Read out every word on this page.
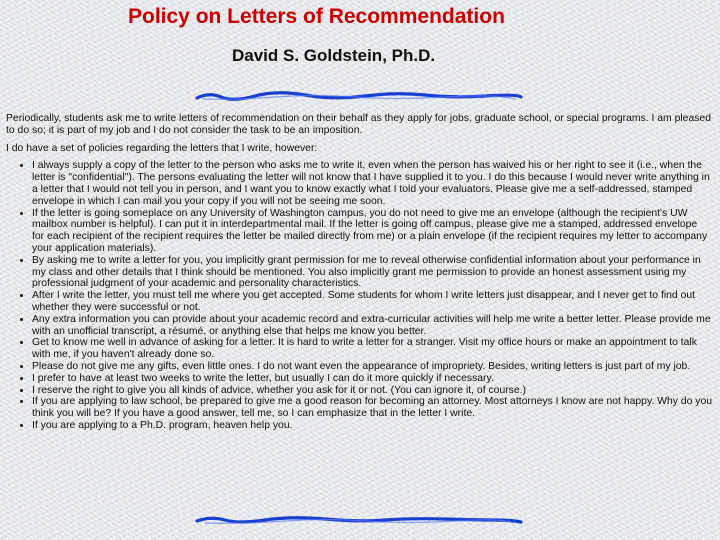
Policy on Letters of Recommendation
David S. Goldstein, Ph.D.

Periodically, students ask me to write letters of recommendation on their behalf as they apply for jobs, graduate school, or special programs. I am pleased to do so; it is part of my job and I do not consider the task to be an imposition.

I do have a set of policies regarding the letters that I write, however:

• I always supply a copy of the letter to the person who asks me to write it, even when the person has waived his or her right to see it (i.e., when the letter is "confidential"). The persons evaluating the letter will not know that I have supplied it to you. I do this because I would never write anything in a letter that I would not tell you in person, and I want you to know exactly what I told your evaluators. Please give me a self-addressed, stamped envelope in which I can mail you your copy if you will not be seeing me soon.
• If the letter is going someplace on any University of Washington campus, you do not need to give me an envelope (although the recipient's UW mailbox number is helpful). I can put it in interdepartmental mail. If the letter is going off campus, please give me a stamped, addressed envelope for each recipient of the recipient requires the letter be mailed directly from me) or a plain envelope (if the recipient requires my letter to accompany your application materials).
• By asking me to write a letter for you, you implicitly grant permission for me to reveal otherwise confidential information about your performance in my class and other details that I think should be mentioned. You also implicitly grant me permission to provide an honest assessment using my professional judgment of your academic and personality characteristics.
• After I write the letter, you must tell me where you get accepted. Some students for whom I write letters just disappear, and I never get to find out whether they were successful or not.
• Any extra information you can provide about your academic record and extra-curricular activities will help me write a better letter. Please provide me with an unofficial transcript, a résumé, or anything else that helps me know you better.
• Get to know me well in advance of asking for a letter. It is hard to write a letter for a stranger. Visit my office hours or make an appointment to talk with me, if you haven't already done so.
• Please do not give me any gifts, even little ones. I do not want even the appearance of impropriety. Besides, writing letters is just part of my job.
• I prefer to have at least two weeks to write the letter, but usually I can do it more quickly if necessary.
• I reserve the right to give you all kinds of advice, whether you ask for it or not. (You can ignore it, of course.)
• If you are applying to law school, be prepared to give me a good reason for becoming an attorney. Most attorneys I know are not happy. Why do you think you will be? If you have a good answer, tell me, so I can emphasize that in the letter I write.
• If you are applying to a Ph.D. program, heaven help you.
